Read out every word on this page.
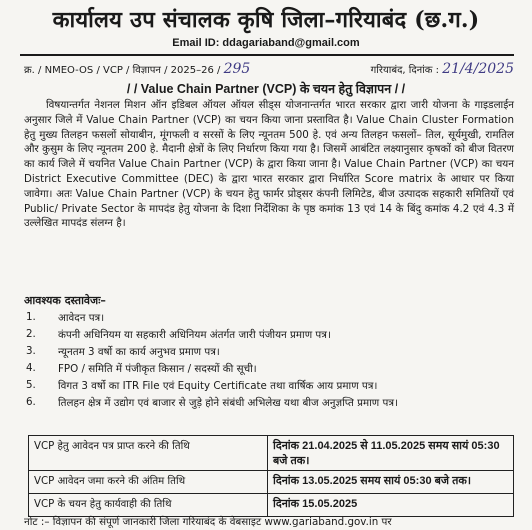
कार्यालय उप संचालक कृषि जिला–गरियाबंद (छ.ग.)
Email ID: ddagariaband@gmail.com
क्र. / NMEO-OS / VCP / विज्ञापन / 2025–26 / 295	गरियाबंद, दिनांक : 21/4/2025
/ / Value Chain Partner (VCP) के चयन हेतु विज्ञापन / /
विषयान्तर्गत नेशनल मिशन ऑन इडिबल ऑयल ऑयल सीड्स योजनान्तर्गत भारत सरकार द्वारा जारी योजना के गाइडलाईन अनुसार जिले में Value Chain Partner (VCP) का चयन किया जाना प्रस्तावित है। Value Chain Cluster Formation हेतु मुख्य तिलहन फसलों सोयाबीन, मूंगफली व सरसों के लिए न्यूनतम 500 हे. एवं अन्य तिलहन फसलों– तिल, सूर्यमुखी, रामतिल और कुसुम के लिए न्यूनतम 200 हे. मैदानी क्षेत्रों के लिए निर्धारण किया गया है। जिसमें आबंटित लक्ष्यानुसार कृषकों को बीज वितरण का कार्य जिले में चयनित Value Chain Partner (VCP) के द्वारा किया जाना है। Value Chain Partner (VCP) का चयन District Executive Committee (DEC) के द्वारा भारत सरकार द्वारा निर्धारित Score matrix के आधार पर किया जावेगा। अतः Value Chain Partner (VCP) के चयन हेतु फार्मर प्रोड्सर कंपनी लिमिटेड, बीज उत्पादक सहकारी समितियों एवं Public/ Private Sector के मापदंड हेतु योजना के दिशा निर्देशिका के पृष्ठ कमांक 13 एवं 14 के बिंदु कमांक 4.2 एवं 4.3 में उल्लेखित मापदंड संलग्न है।
आवश्यक दस्तावेजः–
1. आवेदन पत्र।
2. कंपनी अधिनियम या सहकारी अधिनियम अंतर्गत जारी पंजीयन प्रमाण पत्र।
3. न्यूनतम 3 वर्षो का कार्य अनुभव प्रमाण पत्र।
4. FPO / समिति में पंजीकृत किसान / सदस्यों की सूची।
5. विगत 3 वर्षो का ITR File एवं Equity Certificate तथा वार्षिक आय प्रमाण पत्र।
6. तिलहन क्षेत्र में उद्योग एवं बाजार से जुड़े होने संबंधी अभिलेख यथा बीज अनुज्ञप्ति प्रमाण पत्र।
VCP हेतु आवेदन पत्र प्राप्त करने की तिथि	दिनांक 21.04.2025 से 11.05.2025 समय सायं 05:30 बजे तक।
VCP आवेदन जमा करने की अंतिम तिथि	दिनांक 13.05.2025 समय सायं 05:30 बजे तक।
VCP के चयन हेतु कार्यवाही की तिथि	दिनांक 15.05.2025
नोट :– विज्ञापन की संपूर्ण जानकारी जिला गरियाबंद के वेबसाइट www.gariaband.gov.in पर
